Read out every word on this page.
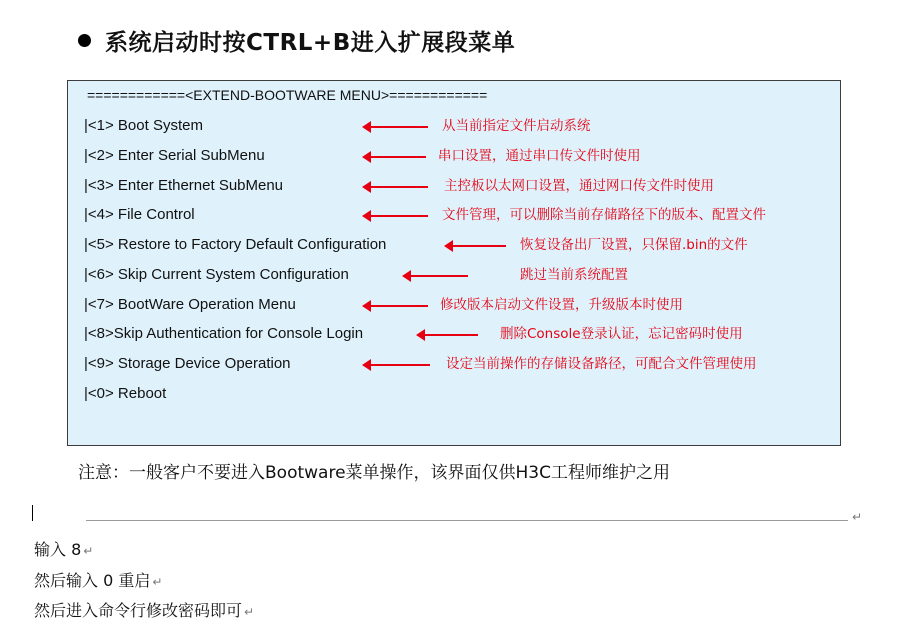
系统启动时按CTRL+B进入扩展段菜单
============<EXTEND-BOOTWARE MENU>============
|<1> Boot System	从当前指定文件启动系统
|<2> Enter Serial SubMenu	串口设置，通过串口传文件时使用
|<3> Enter Ethernet SubMenu	主控板以太网口设置，通过网口传文件时使用
|<4> File Control	文件管理，可以删除当前存储路径下的版本、配置文件
|<5> Restore to Factory Default Configuration	恢复设备出厂设置，只保留.bin的文件
|<6> Skip Current System Configuration	跳过当前系统配置
|<7> BootWare Operation Menu	修改版本启动文件设置，升级版本时使用
|<8>Skip Authentication for Console Login	删除Console登录认证，忘记密码时使用
|<9> Storage Device Operation	设定当前操作的存储设备路径，可配合文件管理使用
|<0> Reboot
注意：一般客户不要进入Bootware菜单操作，该界面仅供H3C工程师维护之用
↵
输入 8 ↵
然后输入 0 重启 ↵
然后进入命令行修改密码即可 ↵
